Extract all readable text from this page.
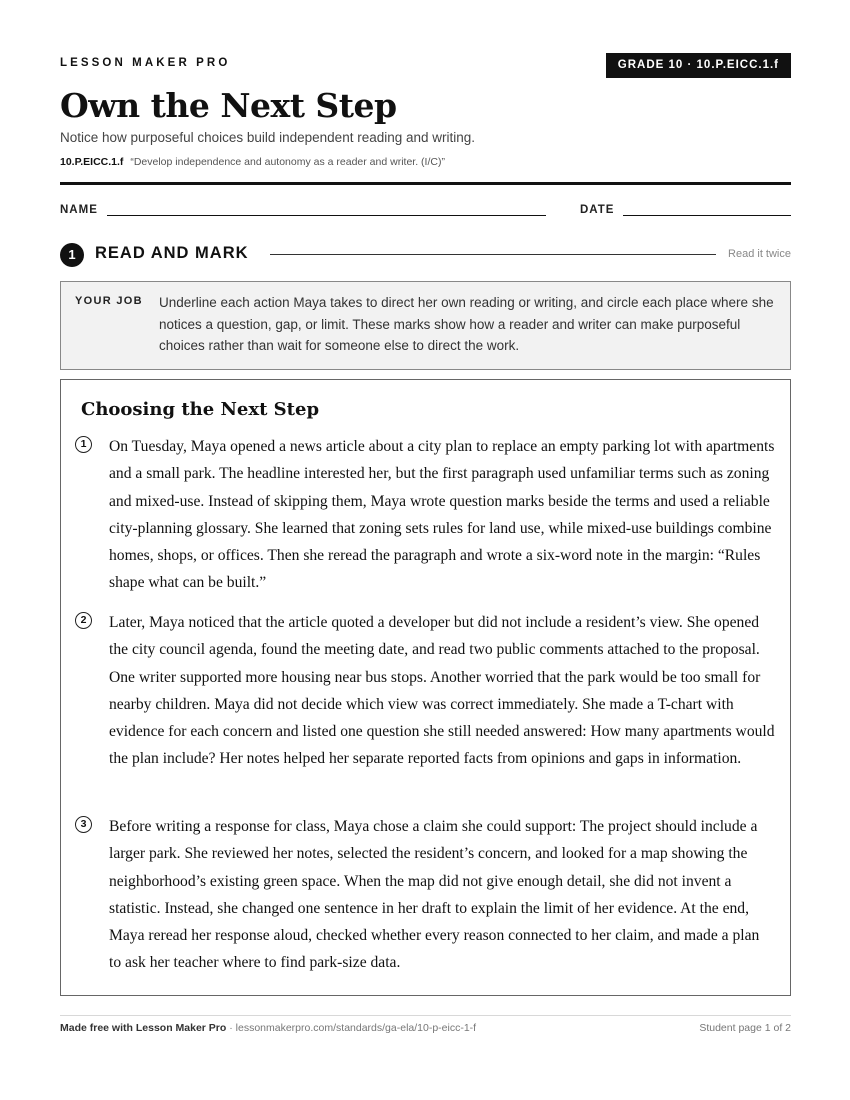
LESSON MAKER PRO	GRADE 10 · 10.P.EICC.1.f
Own the Next Step
Notice how purposeful choices build independent reading and writing.
10.P.EICC.1.f “Develop independence and autonomy as a reader and writer. (I/C)”
NAME	DATE
1	READ AND MARK	Read it twice
YOUR JOB Underline each action Maya takes to direct her own reading or writing, and circle each place where she notices a question, gap, or limit. These marks show how a reader and writer can make purposeful choices rather than wait for someone else to direct the work.
Choosing the Next Step
1	On Tuesday, Maya opened a news article about a city plan to replace an empty parking lot with apartments and a small park. The headline interested her, but the first paragraph used unfamiliar terms such as zoning and mixed-use. Instead of skipping them, Maya wrote question marks beside the terms and used a reliable city-planning glossary. She learned that zoning sets rules for land use, while mixed-use buildings combine homes, shops, or offices. Then she reread the paragraph and wrote a six-word note in the margin: “Rules shape what can be built.”

2	Later, Maya noticed that the article quoted a developer but did not include a resident’s view. She opened the city council agenda, found the meeting date, and read two public comments attached to the proposal. One writer supported more housing near bus stops. Another worried that the park would be too small for nearby children. Maya did not decide which view was correct immediately. She made a T-chart with evidence for each concern and listed one question she still needed answered: How many apartments would the plan include? Her notes helped her separate reported facts from opinions and gaps in information.

3	Before writing a response for class, Maya chose a claim she could support: The project should include a larger park. She reviewed her notes, selected the resident’s concern, and looked for a map showing the neighborhood’s existing green space. When the map did not give enough detail, she did not invent a statistic. Instead, she changed one sentence in her draft to explain the limit of her evidence. At the end, Maya reread her response aloud, checked whether every reason connected to her claim, and made a plan to ask her teacher where to find park-size data.

Made free with Lesson Maker Pro · lessonmakerpro.com/standards/ga-ela/10-p-eicc-1-f	Student page 1 of 2
